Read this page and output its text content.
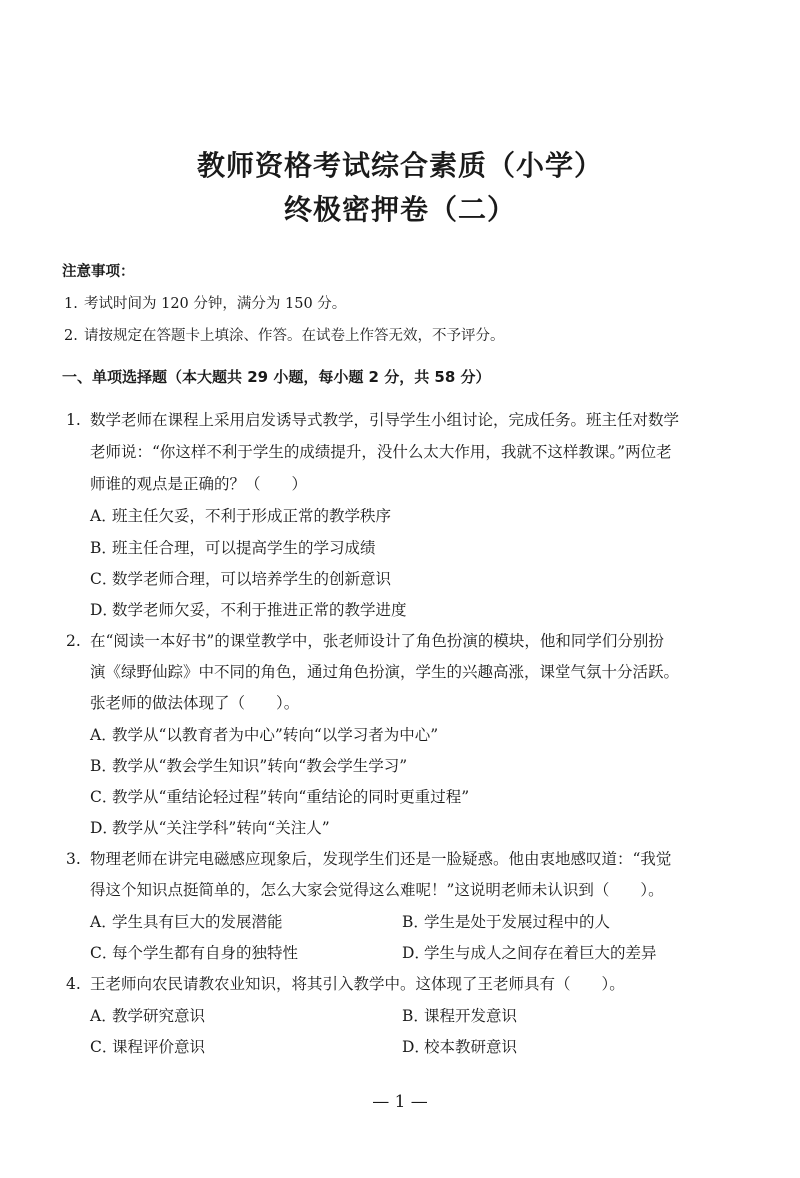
教师资格考试综合素质（小学）
终极密押卷（二）
注意事项：
1. 考试时间为 120 分钟，满分为 150 分。
2. 请按规定在答题卡上填涂、作答。在试卷上作答无效，不予评分。
一、单项选择题（本大题共 29 小题，每小题 2 分，共 58 分）
1. 数学老师在课程上采用启发诱导式教学，引导学生小组讨论，完成任务。班主任对数学
老师说：“你这样不利于学生的成绩提升，没什么太大作用，我就不这样教课。”两位老
师谁的观点是正确的？（　　）
A．班主任欠妥，不利于形成正常的教学秩序
B．班主任合理，可以提高学生的学习成绩
C．数学老师合理，可以培养学生的创新意识
D．数学老师欠妥，不利于推进正常的教学进度
2. 在“阅读一本好书”的课堂教学中，张老师设计了角色扮演的模块，他和同学们分别扮
演《绿野仙踪》中不同的角色，通过角色扮演，学生的兴趣高涨，课堂气氛十分活跃。
张老师的做法体现了（　　）。
A．教学从“以教育者为中心”转向“以学习者为中心”
B．教学从“教会学生知识”转向“教会学生学习”
C．教学从“重结论轻过程”转向“重结论的同时更重过程”
D．教学从“关注学科”转向“关注人”
3. 物理老师在讲完电磁感应现象后，发现学生们还是一脸疑惑。他由衷地感叹道：“我觉
得这个知识点挺简单的，怎么大家会觉得这么难呢！”这说明老师未认识到（　　）。
A．学生具有巨大的发展潜能	B．学生是处于发展过程中的人
C．每个学生都有自身的独特性	D．学生与成人之间存在着巨大的差异
4. 王老师向农民请教农业知识，将其引入教学中。这体现了王老师具有（　　）。
A．教学研究意识	B．课程开发意识
C．课程评价意识	D．校本教研意识
— 1 —
